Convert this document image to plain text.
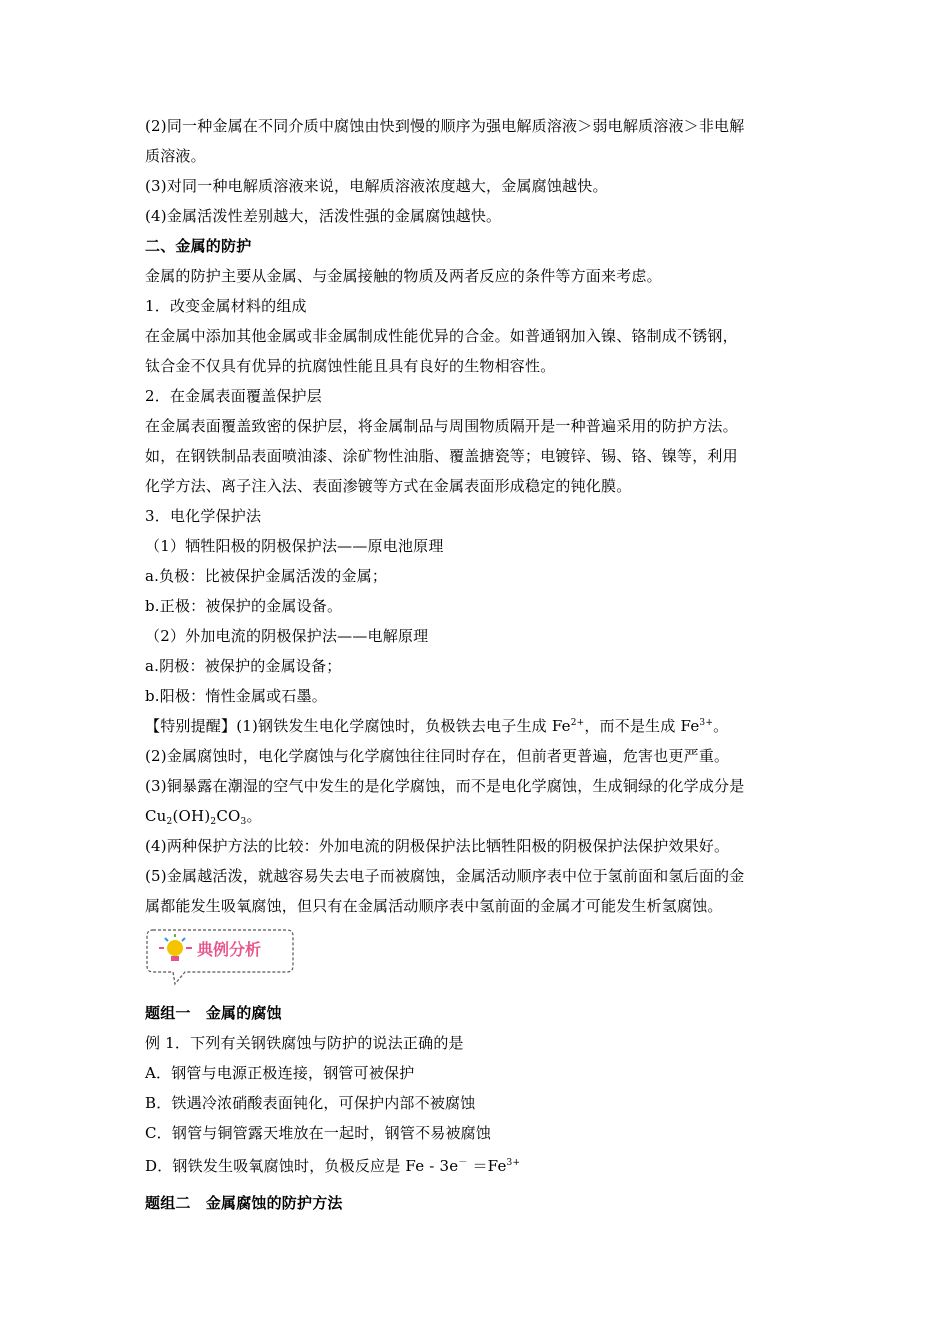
(2)同一种金属在不同介质中腐蚀由快到慢的顺序为强电解质溶液＞弱电解质溶液＞非电解
质溶液。
(3)对同一种电解质溶液来说，电解质溶液浓度越大，金属腐蚀越快。
(4)金属活泼性差别越大，活泼性强的金属腐蚀越快。
二、金属的防护
金属的防护主要从金属、与金属接触的物质及两者反应的条件等方面来考虑。
1．改变金属材料的组成
在金属中添加其他金属或非金属制成性能优异的合金。如普通钢加入镍、铬制成不锈钢，
钛合金不仅具有优异的抗腐蚀性能且具有良好的生物相容性。
2．在金属表面覆盖保护层
在金属表面覆盖致密的保护层，将金属制品与周围物质隔开是一种普遍采用的防护方法。
如，在钢铁制品表面喷油漆、涂矿物性油脂、覆盖搪瓷等；电镀锌、锡、铬、镍等，利用
化学方法、离子注入法、表面渗镀等方式在金属表面形成稳定的钝化膜。
3．电化学保护法
（1）牺牲阳极的阴极保护法——原电池原理
a.负极：比被保护金属活泼的金属；
b.正极：被保护的金属设备。
（2）外加电流的阴极保护法——电解原理
a.阴极：被保护的金属设备；
b.阳极：惰性金属或石墨。
【特别提醒】(1)钢铁发生电化学腐蚀时，负极铁去电子生成 $Fe^{2+}$，而不是生成 $Fe^{3+}$。
(2)金属腐蚀时，电化学腐蚀与化学腐蚀往往同时存在，但前者更普遍，危害也更严重。
(3)铜暴露在潮湿的空气中发生的是化学腐蚀，而不是电化学腐蚀，生成铜绿的化学成分是
$Cu_2(OH)_2CO_3$。
(4)两种保护方法的比较：外加电流的阴极保护法比牺牲阳极的阴极保护法保护效果好。
(5)金属越活泼，就越容易失去电子而被腐蚀，金属活动顺序表中位于氢前面和氢后面的金
属都能发生吸氧腐蚀，但只有在金属活动顺序表中氢前面的金属才可能发生析氢腐蚀。
典例分析
题组一　金属的腐蚀
例 1．下列有关钢铁腐蚀与防护的说法正确的是
A．钢管与电源正极连接，钢管可被保护
B．铁遇冷浓硝酸表面钝化，可保护内部不被腐蚀
C．钢管与铜管露天堆放在一起时，钢管不易被腐蚀
D．钢铁发生吸氧腐蚀时，负极反应是 $Fe - 3e^- =Fe^{3+}$
题组二　金属腐蚀的防护方法
